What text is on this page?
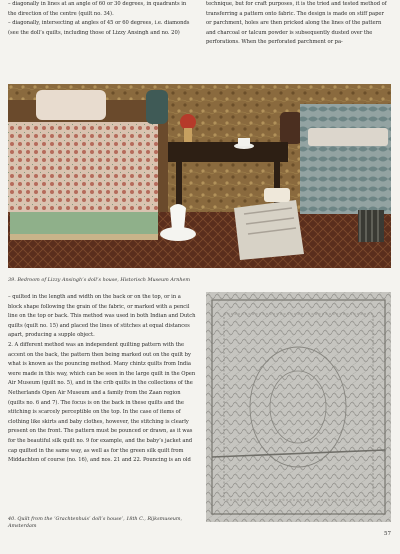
– diagonally in lines at an angle of 60 or 30 degrees, in quadrants in the direction of the centre (quilt no. 34).
– diagonally, intersecting at angles of 45 or 60 degrees, i.e. diamonds (see the doll’s quilts, including those of Lizzy Ansingh and no. 20)

technique, but for craft purposes, it is the tried and tested method of transferring a pattern onto fabric. The design is made on stiff paper or parchment, holes are then pricked along the lines of the pattern and charcoal or talcum powder is subsequently dusted over the perforations. When the perforated parchment or pa-

39. Bedroom of Lizzy Ansingh’s doll’s house, Historisch Museum Arnhem

– quilted in the length and width on the back or on the top, or in a block shape following the grain of the fabric, or marked with a pencil line on the top or back. This method was used in both Indian and Dutch quilts (quilt no. 15) and placed the lines of stitches at equal distances apart, producing a supple object.
2. A different method was an independent quilting pattern with the accent on the back, the pattern then being marked out on the quilt by what is known as the pouncing method. Many chintz quilts from India were made in this way, which can be seen in the large quilt in the Open Air Museum (quilt no. 5), and in the crib quilts in the collections of the Netherlands Open Air Museum and a family from the Zaan region (quilts no. 6 and 7). The focus is on the back in these quilts and the stitching is scarcely perceptible on the top. In the case of items of clothing like skirts and baby clothes, however, the stitching is clearly present on the front. The pattern must be pounced or drawn, as it was for the beautiful silk quilt no. 9 for example, and the baby’s jacket and cap quilted in the same way, as well as for the green silk quilt from Middachten of course (no. 16), and nos. 21 and 22. Pouncing is an old

40. Quilt from the ‘Grachtenhuis’ doll’s house’, 18th C., Rijksmuseum, Amsterdam
57
